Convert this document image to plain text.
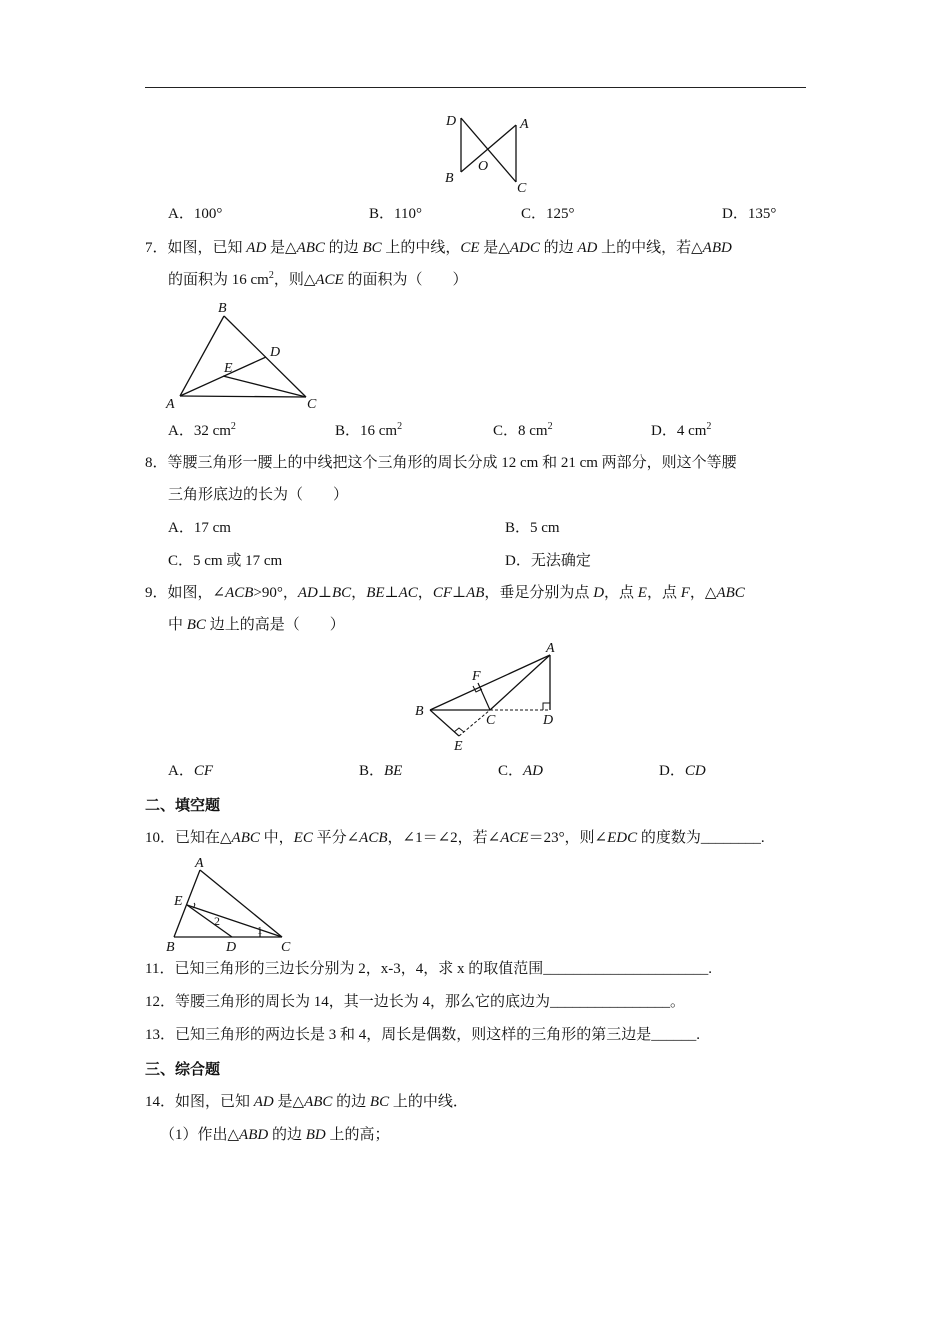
D	A
O
B
C
A．100°	B．110°	C．125°	D．135°
7．如图，已知 AD 是△ABC 的边 BC 上的中线，CE 是△ADC 的边 AD 上的中线，若△ABD
的面积为 16 $cm^2$，则△ACE 的面积为（　　）
B
D
E
A	C
A．32 $cm^2$	B．16 $cm^2$	C．8 $cm^2$	D．4 $cm^2$
8．等腰三角形一腰上的中线把这个三角形的周长分成 12 cm 和 21 cm 两部分，则这个等腰
三角形底边的长为（　　）
A．17 cm	B．5 cm
C．5 cm 或 17 cm	D．无法确定
9．如图，∠ACB>90°，AD⊥BC，BE⊥AC，CF⊥AB，垂足分别为点 D，点 E，点 F，△ABC
中 BC 边上的高是（　　）
A
F
B
C	D
E
A．CF	B．BE	C．AD	D．CD
二、填空题
10．已知在△ABC 中，EC 平分∠ACB，∠1＝∠2，若∠ACE＝23°，则∠EDC 的度数为________.
A
E
2
1
B	D	C
11．已知三角形的三边长分别为 2，x-3，4，求 x 的取值范围______________________.
12．等腰三角形的周长为 14，其一边长为 4，那么它的底边为________________。
13．已知三角形的两边长是 3 和 4，周长是偶数，则这样的三角形的第三边是______.
三、综合题
14．如图，已知 AD 是△ABC 的边 BC 上的中线．
（1）作出△ABD 的边 BD 上的高；
